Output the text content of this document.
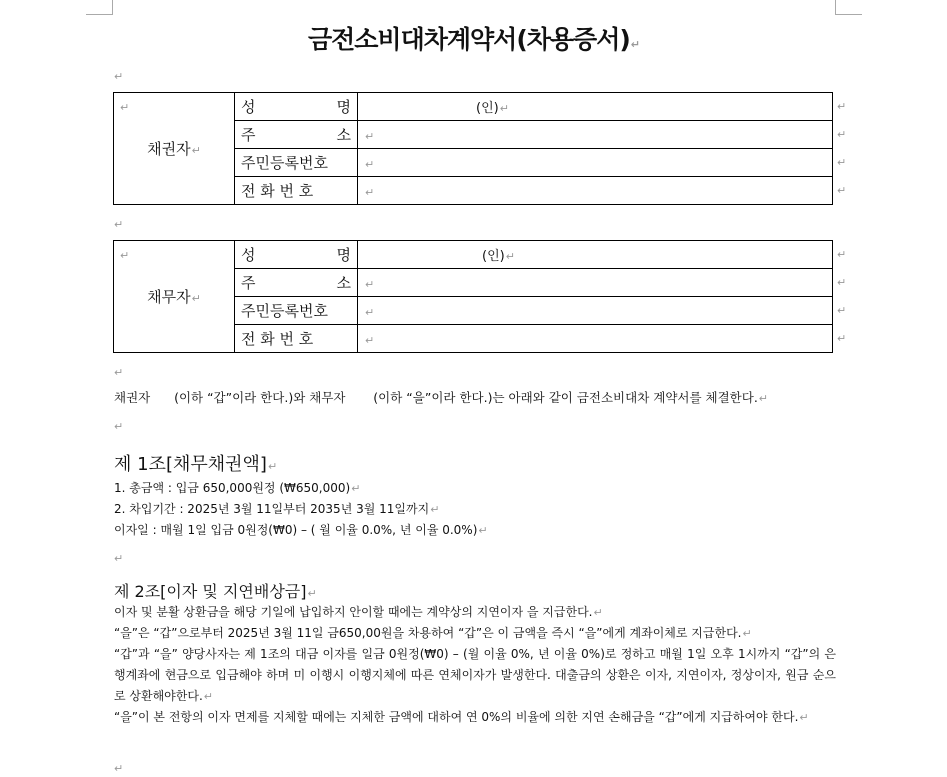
금전소비대차계약서(차용증서)↵
↵
↵
채권자↵	성 명	(인)↵

	주 소	↵
	주민등록번호	↵
	전 화 번 호	↵
↵
↵
↵
↵
↵
↵
채무자↵	성 명	(인)↵

	주 소	↵
	주민등록번호	↵
	전 화 번 호	↵
↵
↵
↵
↵
↵
채권자      (이하 “갑”이라 한다.)와 채무자       (이하 “을”이라 한다.)는 아래와 같이 금전소비대차 계약서를 체결한다.↵
↵
제 1조[채무채권액]↵
1. 총금액 : 입금 650,000원정 (₩650,000)↵
2. 차입기간 : 2025년 3월 11일부터 2035년 3월 11일까지↵
이자일 : 매월 1일 입금 0원정(₩0) – ( 월 이율 0.0%, 년 이율 0.0%)↵
↵
제 2조[이자 및 지연배상금]↵
이자 및 분활 상환금을 해당 기일에 납입하지 안이할 때에는 계약상의 지연이자 을 지급한다.↵
“을”은 “갑”으로부터 2025년 3월 11일 금650,00원을 차용하여 “갑”은 이 금액을 즉시 “을”에게 계좌이체로 지급한다.↵
“갑”과 “을” 양당사자는 제 1조의 대금 이자를 일금 0원정(₩0) – (월 이율 0%, 년 이율 0%)로 정하고 매월 1일 오후 1시까지 “갑”의 은행계좌에 현금으로 입금해야 하며 미 이행시 이행지체에 따른 연체이자가 발생한다. 대출금의 상환은 이자, 지연이자, 정상이자, 원금 순으로 상환해야한다.↵
“을”이 본 전항의 이자 면제를 지체할 때에는 지체한 금액에 대하여 연 0%의 비율에 의한 지연 손해금을 “갑”에게 지급하여야 한다.↵
↵
